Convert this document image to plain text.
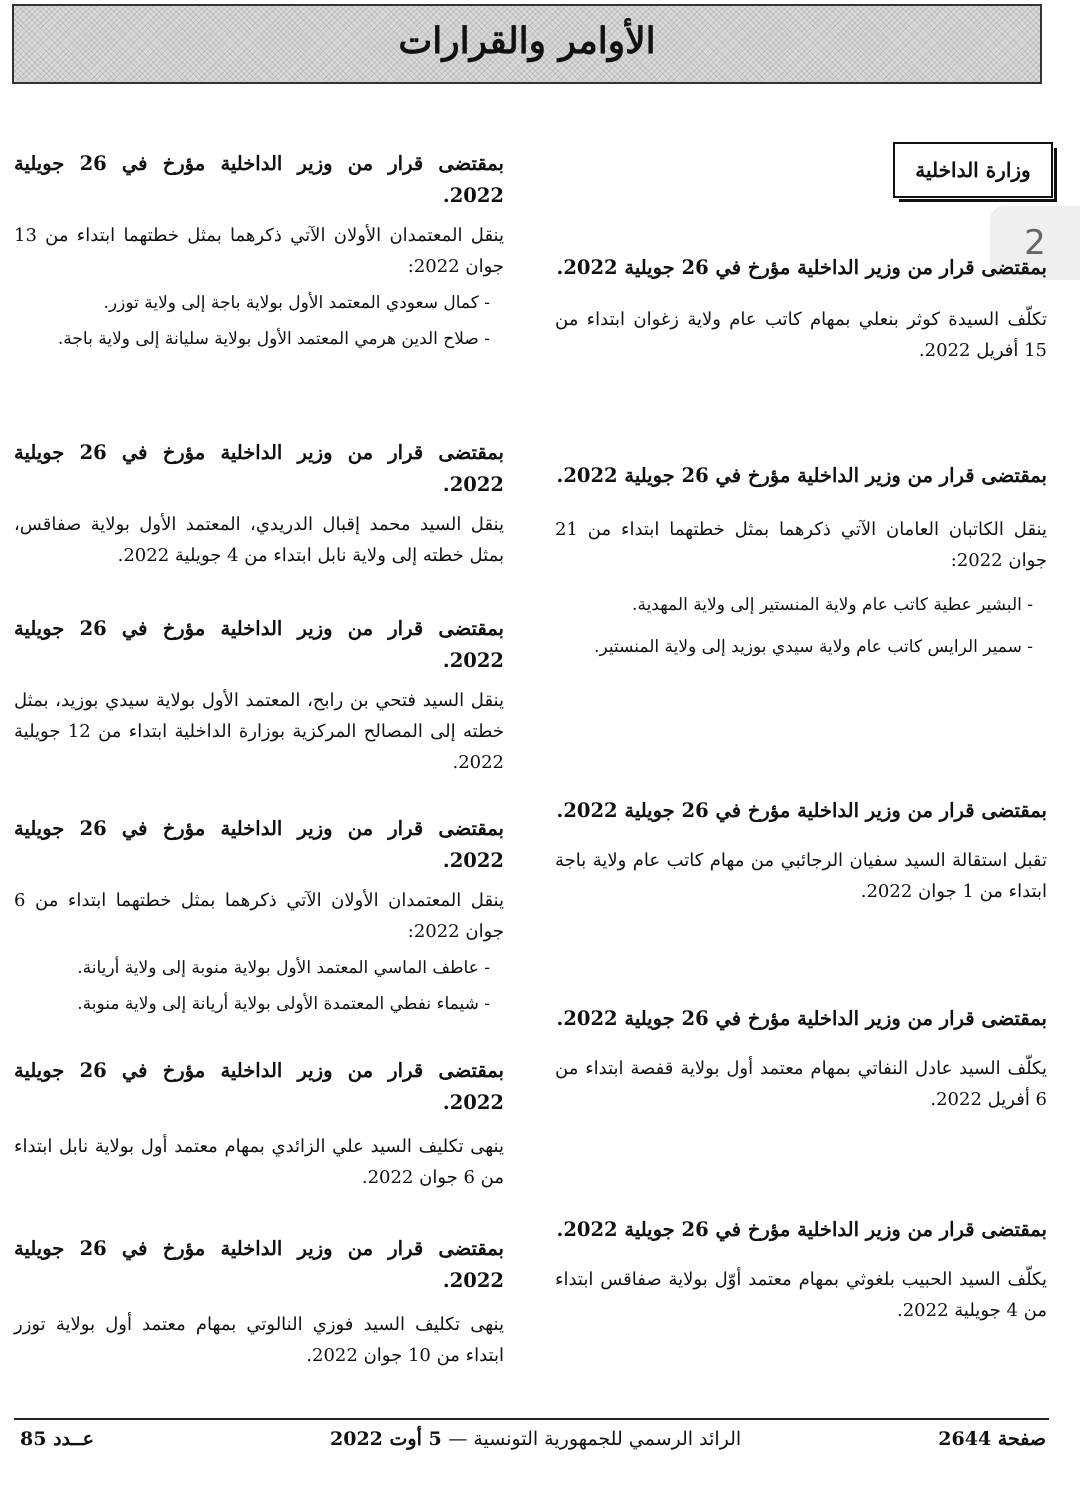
الأوامر والقرارات
وزارة الداخلية
2

بمقتضى قرار من وزير الداخلية مؤرخ في 26 جويلية 2022.

تكلّف السيدة كوثر بنعلي بمهام كاتب عام ولاية زغوان ابتداء من 15 أفريل 2022.

بمقتضى قرار من وزير الداخلية مؤرخ في 26 جويلية 2022.

ينقل الكاتبان العامان الآتي ذكرهما بمثل خطتهما ابتداء من 21 جوان 2022:

- البشير عطية كاتب عام ولاية المنستير إلى ولاية المهدية.

- سمير الرايس كاتب عام ولاية سيدي بوزيد إلى ولاية المنستير.

بمقتضى قرار من وزير الداخلية مؤرخ في 26 جويلية 2022.

تقبل استقالة السيد سفيان الرجائبي من مهام كاتب عام ولاية باجة ابتداء من 1 جوان 2022.

بمقتضى قرار من وزير الداخلية مؤرخ في 26 جويلية 2022.

يكلّف السيد عادل النفاتي بمهام معتمد أول بولاية قفصة ابتداء من 6 أفريل 2022.

بمقتضى قرار من وزير الداخلية مؤرخ في 26 جويلية 2022.

يكلّف السيد الحبيب بلغوثي بمهام معتمد أوّل بولاية صفاقس ابتداء من 4 جويلية 2022.

بمقتضى قرار من وزير الداخلية مؤرخ في 26 جويلية 2022.

ينقل المعتمدان الأولان الآتي ذكرهما بمثل خطتهما ابتداء من 13 جوان 2022:

- كمال سعودي المعتمد الأول بولاية باجة إلى ولاية توزر.

- صلاح الدين هرمي المعتمد الأول بولاية سليانة إلى ولاية باجة.

بمقتضى قرار من وزير الداخلية مؤرخ في 26 جويلية 2022.

ينقل السيد محمد إقبال الدريدي، المعتمد الأول بولاية صفاقس، بمثل خطته إلى ولاية نابل ابتداء من 4 جويلية 2022.

بمقتضى قرار من وزير الداخلية مؤرخ في 26 جويلية 2022.

ينقل السيد فتحي بن رابح، المعتمد الأول بولاية سيدي بوزيد، بمثل خطته إلى المصالح المركزية بوزارة الداخلية ابتداء من 12 جويلية 2022.

بمقتضى قرار من وزير الداخلية مؤرخ في 26 جويلية 2022.

ينقل المعتمدان الأولان الآتي ذكرهما بمثل خطتهما ابتداء من 6 جوان 2022:

- عاطف الماسي المعتمد الأول بولاية منوبة إلى ولاية أريانة.

- شيماء نفطي المعتمدة الأولى بولاية أريانة إلى ولاية منوبة.

بمقتضى قرار من وزير الداخلية مؤرخ في 26 جويلية 2022.

ينهى تكليف السيد علي الزائدي بمهام معتمد أول بولاية نابل ابتداء من 6 جوان 2022.

بمقتضى قرار من وزير الداخلية مؤرخ في 26 جويلية 2022.

ينهى تكليف السيد فوزي النالوتي بمهام معتمد أول بولاية توزر ابتداء من 10 جوان 2022.

صفحة 2644
الرائد الرسمي للجمهورية التونسية — 5 أوت 2022
عــدد 85
